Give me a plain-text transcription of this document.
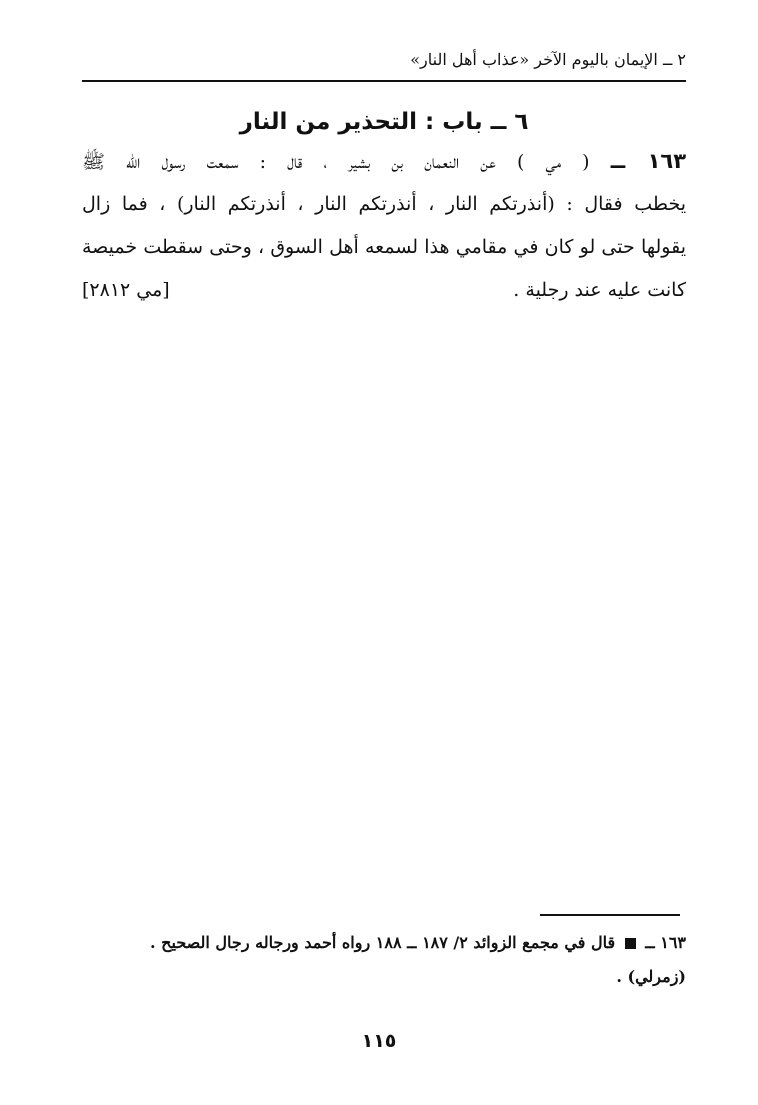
٢ ــ الإيمان باليوم الآخر «عذاب أهل النار»
٦ ــ باب : التحذير من النار
١٦٣ ــ ( مي ) عن النعمان بن بشير ، قال : سمعت رسول الله ﷺ
يخطب فقال : (أنذرتكم النار ، أنذرتكم النار ، أنذرتكم النار) ، فما زال
يقولها حتى لو كان في مقامي هذا لسمعه أهل السوق ، وحتى سقطت خميصة
كانت عليه عند رجلية .
[مي ٢٨١٢]
١٦٣ ــ  قال في مجمع الزوائد ٢/ ١٨٧ ــ ١٨٨ رواه أحمد ورجاله رجال الصحيح .
(زمرلي) .
١١٥
